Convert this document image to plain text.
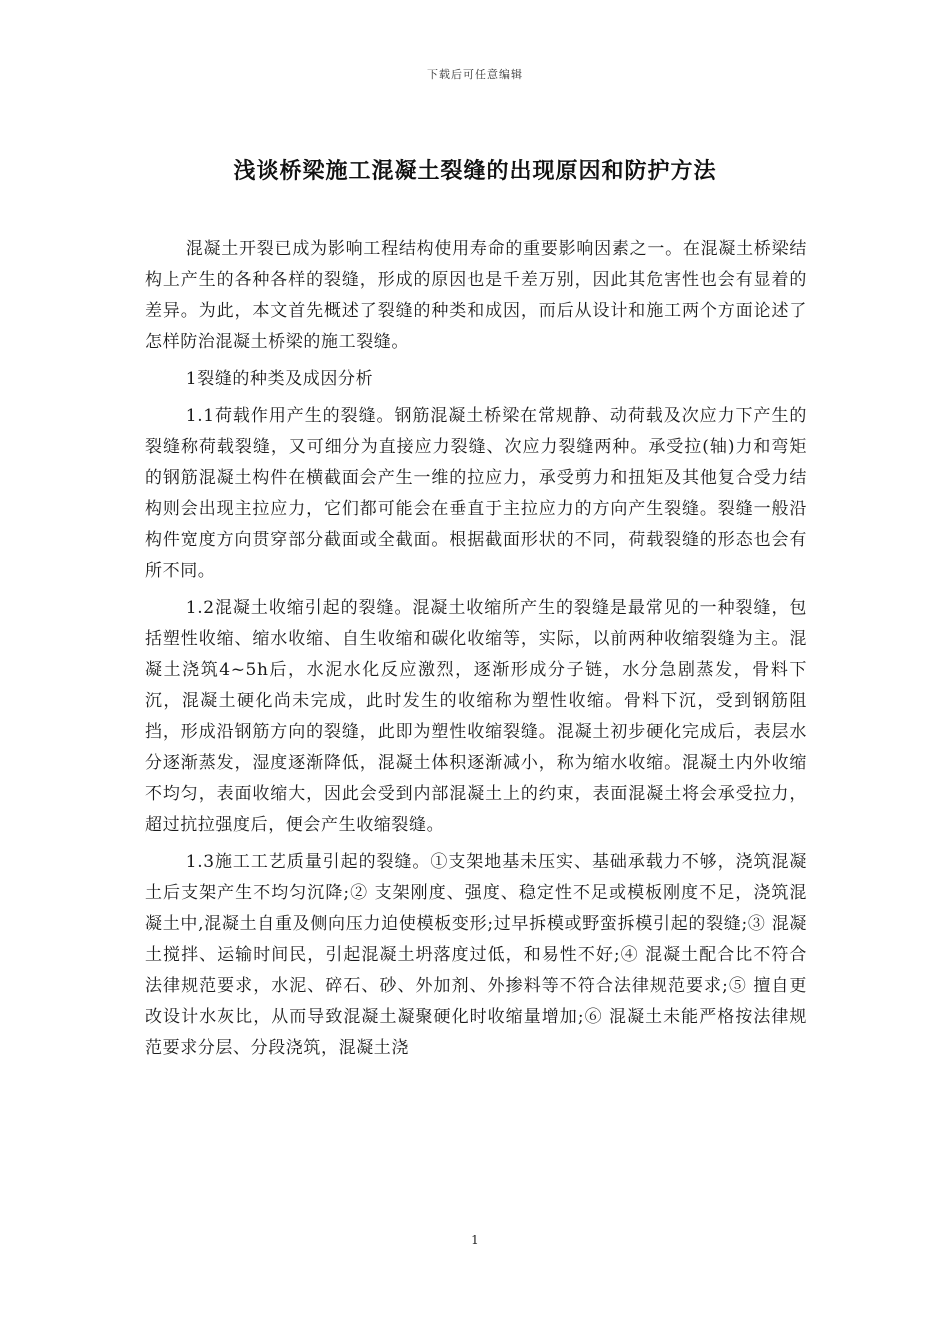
下载后可任意编辑
浅谈桥梁施工混凝土裂缝的出现原因和防护方法

混凝土开裂已成为影响工程结构使用寿命的重要影响因素之一。在混凝土桥梁结构上产生的各种各样的裂缝，形成的原因也是千差万别，因此其危害性也会有显着的差异。为此，本文首先概述了裂缝的种类和成因，而后从设计和施工两个方面论述了怎样防治混凝土桥梁的施工裂缝。

1裂缝的种类及成因分析

1.1荷载作用产生的裂缝。钢筋混凝土桥梁在常规静、动荷载及次应力下产生的裂缝称荷载裂缝，又可细分为直接应力裂缝、次应力裂缝两种。承受拉(轴)力和弯矩的钢筋混凝土构件在横截面会产生一维的拉应力，承受剪力和扭矩及其他复合受力结构则会出现主拉应力，它们都可能会在垂直于主拉应力的方向产生裂缝。裂缝一般沿构件宽度方向贯穿部分截面或全截面。根据截面形状的不同，荷载裂缝的形态也会有所不同。

1.2混凝土收缩引起的裂缝。混凝土收缩所产生的裂缝是最常见的一种裂缝，包括塑性收缩、缩水收缩、自生收缩和碳化收缩等，实际，以前两种收缩裂缝为主。混凝土浇筑4~5h后，水泥水化反应激烈，逐渐形成分子链，水分急剧蒸发，骨料下沉，混凝土硬化尚未完成，此时发生的收缩称为塑性收缩。骨料下沉，受到钢筋阻挡，形成沿钢筋方向的裂缝，此即为塑性收缩裂缝。混凝土初步硬化完成后，表层水分逐渐蒸发，湿度逐渐降低，混凝土体积逐渐减小，称为缩水收缩。混凝土内外收缩不均匀，表面收缩大，因此会受到内部混凝土上的约束，表面混凝土将会承受拉力，超过抗拉强度后，便会产生收缩裂缝。

1.3施工工艺质量引起的裂缝。①支架地基未压实、基础承载力不够，浇筑混凝土后支架产生不均匀沉降;② 支架刚度、强度、稳定性不足或模板刚度不足，浇筑混凝土中,混凝土自重及侧向压力迫使模板变形;过早拆模或野蛮拆模引起的裂缝;③ 混凝土搅拌、运输时间民，引起混凝土坍落度过低，和易性不好;④ 混凝土配合比不符合法律规范要求，水泥、碎石、砂、外加剂、外掺料等不符合法律规范要求;⑤ 擅自更改设计水灰比，从而导致混凝土凝聚硬化时收缩量增加;⑥ 混凝土未能严格按法律规范要求分层、分段浇筑，混凝土浇

1
